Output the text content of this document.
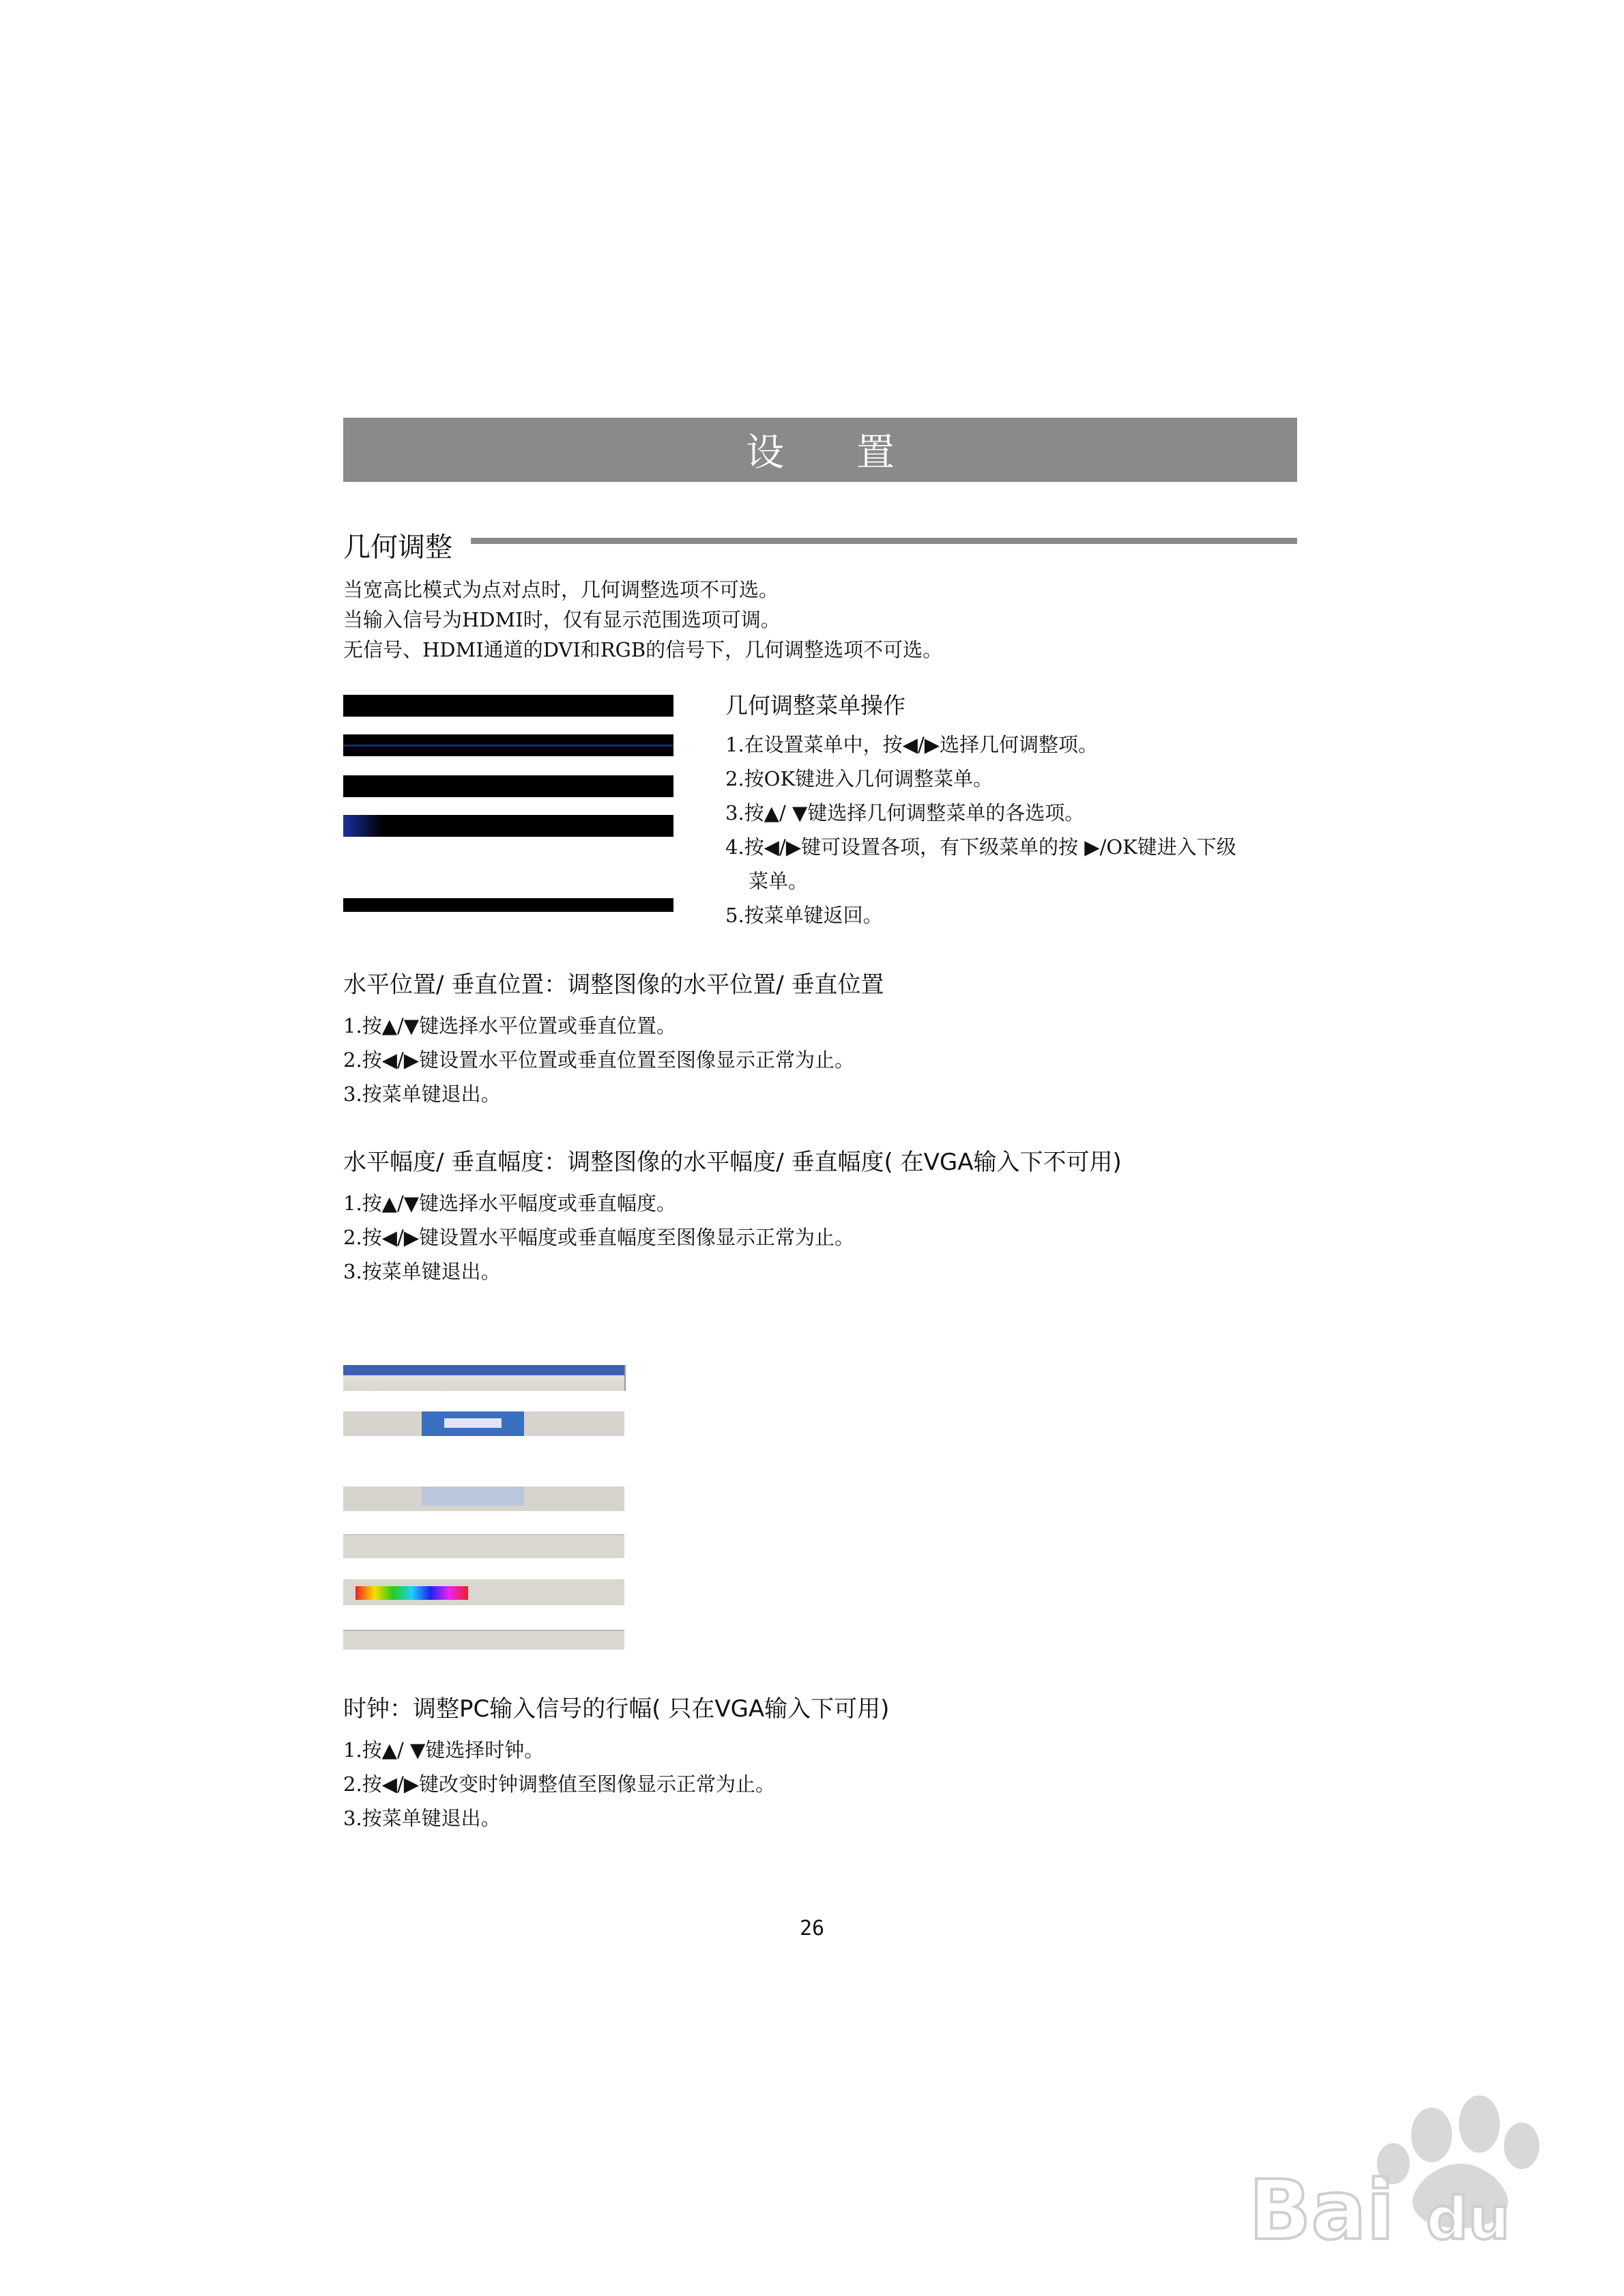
设 置
几何调整
当宽高比模式为点对点时，几何调整选项不可选。
当输入信号为HDMI时，仅有显示范围选项可调。
无信号、HDMI通道的DVI和RGB的信号下，几何调整选项不可选。
几何调整菜单操作
1.在设置菜单中，按◀/▶选择几何调整项。
2.按OK键进入几何调整菜单。
3.按▲/ ▼键选择几何调整菜单的各选项。
4.按◀/▶键可设置各项，有下级菜单的按 ▶/OK键进入下级
菜单。
5.按菜单键返回。
水平位置/ 垂直位置：调整图像的水平位置/ 垂直位置
1.按▲/▼键选择水平位置或垂直位置。
2.按◀/▶键设置水平位置或垂直位置至图像显示正常为止。
3.按菜单键退出。
水平幅度/ 垂直幅度：调整图像的水平幅度/ 垂直幅度( 在VGA输入下不可用)
1.按▲/▼键选择水平幅度或垂直幅度。
2.按◀/▶键设置水平幅度或垂直幅度至图像显示正常为止。
3.按菜单键退出。
时钟：调整PC输入信号的行幅( 只在VGA输入下可用)
1.按▲/ ▼键选择时钟。
2.按◀/▶键改变时钟调整值至图像显示正常为止。
3.按菜单键退出。
26
Bai du
